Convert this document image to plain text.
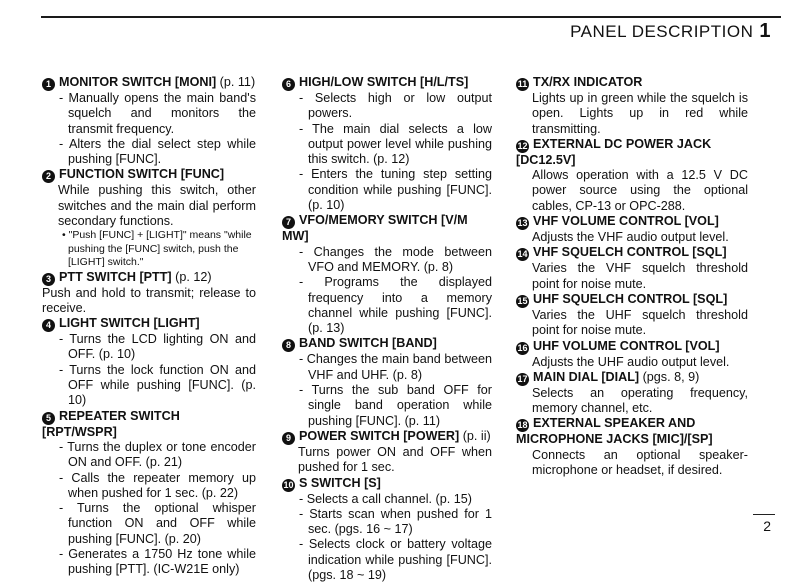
PANEL DESCRIPTION 1
1 MONITOR SWITCH [MONI] (p. 11)
- Manually opens the main band's squelch and monitors the transmit frequency.
- Alters the dial select step while pushing [FUNC].
2 FUNCTION SWITCH [FUNC]
While pushing this switch, other switches and the main dial perform secondary functions.
• "Push [FUNC] + [LIGHT]" means "while pushing the [FUNC] switch, push the [LIGHT] switch."
3 PTT SWITCH [PTT] (p. 12)
Push and hold to transmit; release to receive.
4 LIGHT SWITCH [LIGHT]
- Turns the LCD lighting ON and OFF. (p. 10)
- Turns the lock function ON and OFF while pushing [FUNC]. (p. 10)
5 REPEATER SWITCH [RPT/WSPR]
- Turns the duplex or tone encoder ON and OFF. (p. 21)
- Calls the repeater memory up when pushed for 1 sec. (p. 22)
- Turns the optional whisper function ON and OFF while pushing [FUNC]. (p. 20)
- Generates a 1750 Hz tone while pushing [PTT]. (IC-W21E only)
6 HIGH/LOW SWITCH [H/L/TS]
- Selects high or low output powers.
- The main dial selects a low output power level while pushing this switch. (p. 12)
- Enters the tuning step setting condition while pushing [FUNC]. (p. 10)
7 VFO/MEMORY SWITCH [V/M MW]
- Changes the mode between VFO and MEMORY. (p. 8)
- Programs the displayed frequency into a memory channel while pushing [FUNC]. (p. 13)
8 BAND SWITCH [BAND]
- Changes the main band between VHF and UHF. (p. 8)
- Turns the sub band OFF for single band operation while pushing [FUNC]. (p. 11)
9 POWER SWITCH [POWER] (p. ii)
Turns power ON and OFF when pushed for 1 sec.
10 S SWITCH [S]
- Selects a call channel. (p. 15)
- Starts scan when pushed for 1 sec. (pgs. 16 ~ 17)
- Selects clock or battery voltage indication while pushing [FUNC]. (pgs. 18 ~ 19)
11 TX/RX INDICATOR
Lights up in green while the squelch is open. Lights up in red while transmitting.
12 EXTERNAL DC POWER JACK [DC12.5V]
Allows operation with a 12.5 V DC power source using the optional cables, CP-13 or OPC-288.
13 VHF VOLUME CONTROL [VOL]
Adjusts the VHF audio output level.
14 VHF SQUELCH CONTROL [SQL]
Varies the VHF squelch threshold point for noise mute.
15 UHF SQUELCH CONTROL [SQL]
Varies the UHF squelch threshold point for noise mute.
16 UHF VOLUME CONTROL [VOL]
Adjusts the UHF audio output level.
17 MAIN DIAL [DIAL] (pgs. 8, 9)
Selects an operating frequency, memory channel, etc.
18 EXTERNAL SPEAKER AND MICROPHONE JACKS [MIC]/[SP]
Connects an optional speaker-microphone or headset, if desired.
2
